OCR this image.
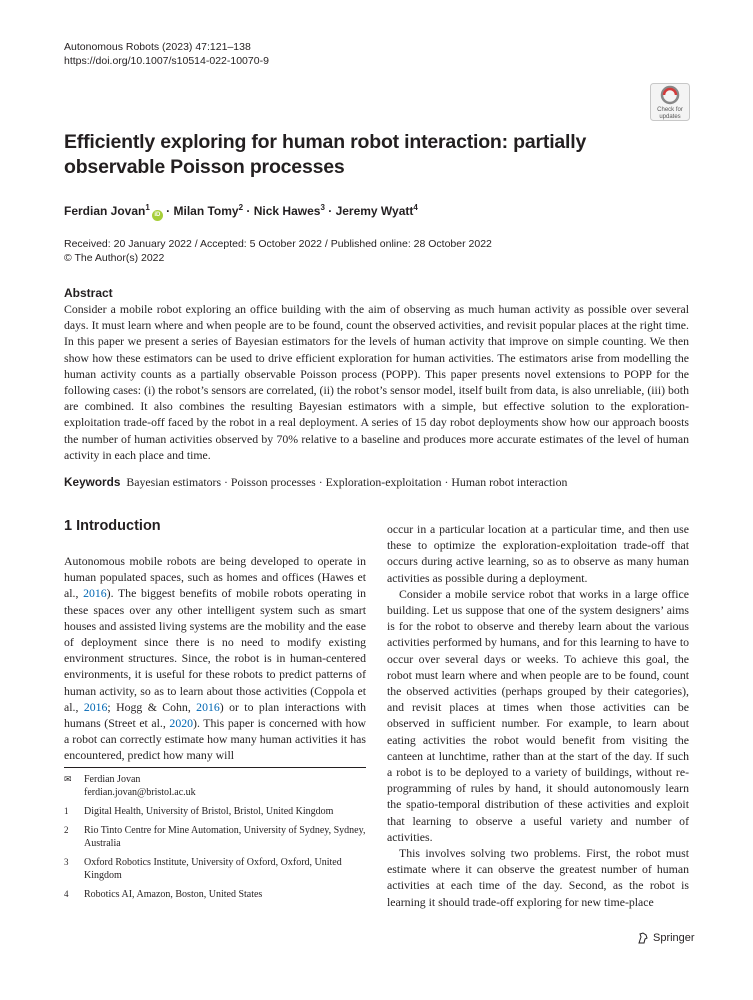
Autonomous Robots (2023) 47:121–138
https://doi.org/10.1007/s10514-022-10070-9
Check for
updates
Efficiently exploring for human robot interaction: partially observable Poisson processes
Ferdian Jovan$^1$iD · Milan Tomy$^2$ · Nick Hawes$^3$ · Jeremy Wyatt$^4$
Received: 20 January 2022 / Accepted: 5 October 2022 / Published online: 28 October 2022
© The Author(s) 2022
Abstract

Consider a mobile robot exploring an office building with the aim of observing as much human activity as possible over several days. It must learn where and when people are to be found, count the observed activities, and revisit popular places at the right time. In this paper we present a series of Bayesian estimators for the levels of human activity that improve on simple counting. We then show how these estimators can be used to drive efficient exploration for human activities. The estimators arise from modelling the human activity counts as a partially observable Poisson process (POPP). This paper presents novel extensions to POPP for the following cases: (i) the robot’s sensors are correlated, (ii) the robot’s sensor model, itself built from data, is also unreliable, (iii) both are combined. It also combines the resulting Bayesian estimators with a simple, but effective solution to the exploration-exploitation trade-off faced by the robot in a real deployment. A series of 15 day robot deployments show how our approach boosts the number of human activities observed by 70% relative to a baseline and produces more accurate estimates of the level of human activity in each place and time.

Keywords Bayesian estimators · Poisson processes · Exploration-exploitation · Human robot interaction
1 Introduction

Autonomous mobile robots are being developed to operate in human populated spaces, such as homes and offices (Hawes et al., 2016). The biggest benefits of mobile robots operating in these spaces over any other intelligent system such as smart houses and assisted living systems are the mobility and the ease of deployment since there is no need to modify existing environment structures. Since, the robot is in human-centered environments, it is useful for these robots to predict patterns of human activity, so as to learn about those activities (Coppola et al., 2016; Hogg & Cohn, 2016) or to plan interactions with humans (Street et al., 2020). This paper is concerned with how a robot can correctly estimate how many human activities it has encountered, predict how many will

occur in a particular location at a particular time, and then use these to optimize the exploration-exploitation trade-off that occurs during active learning, so as to observe as many human activities as possible during a deployment.

Consider a mobile service robot that works in a large office building. Let us suppose that one of the system designers’ aims is for the robot to observe and thereby learn about the various activities performed by humans, and for this learning to have to occur over several days or weeks. To achieve this goal, the robot must learn where and when people are to be found, count the observed activities (perhaps grouped by their categories), and revisit places at times when those activities can be observed in sufficient number. For example, to learn about eating activities the robot would benefit from visiting the canteen at lunchtime, rather than at the start of the day. If such a robot is to be deployed to a variety of buildings, without re-programming of rules by hand, it should autonomously learn the spatio-temporal distribution of these activities and exploit that learning to observe a useful variety and number of activities.

This involves solving two problems. First, the robot must estimate where it can observe the greatest number of human activities at each time of the day. Second, as the robot is learning it should trade-off exploring for new time-place

✉	Ferdian Jovan
ferdian.jovan@bristol.ac.uk
1	Digital Health, University of Bristol, Bristol, United Kingdom
2	Rio Tinto Centre for Mine Automation, University of Sydney, Sydney, Australia
3	Oxford Robotics Institute, University of Oxford, Oxford, United Kingdom
4	Robotics AI, Amazon, Boston, United States
Springer
